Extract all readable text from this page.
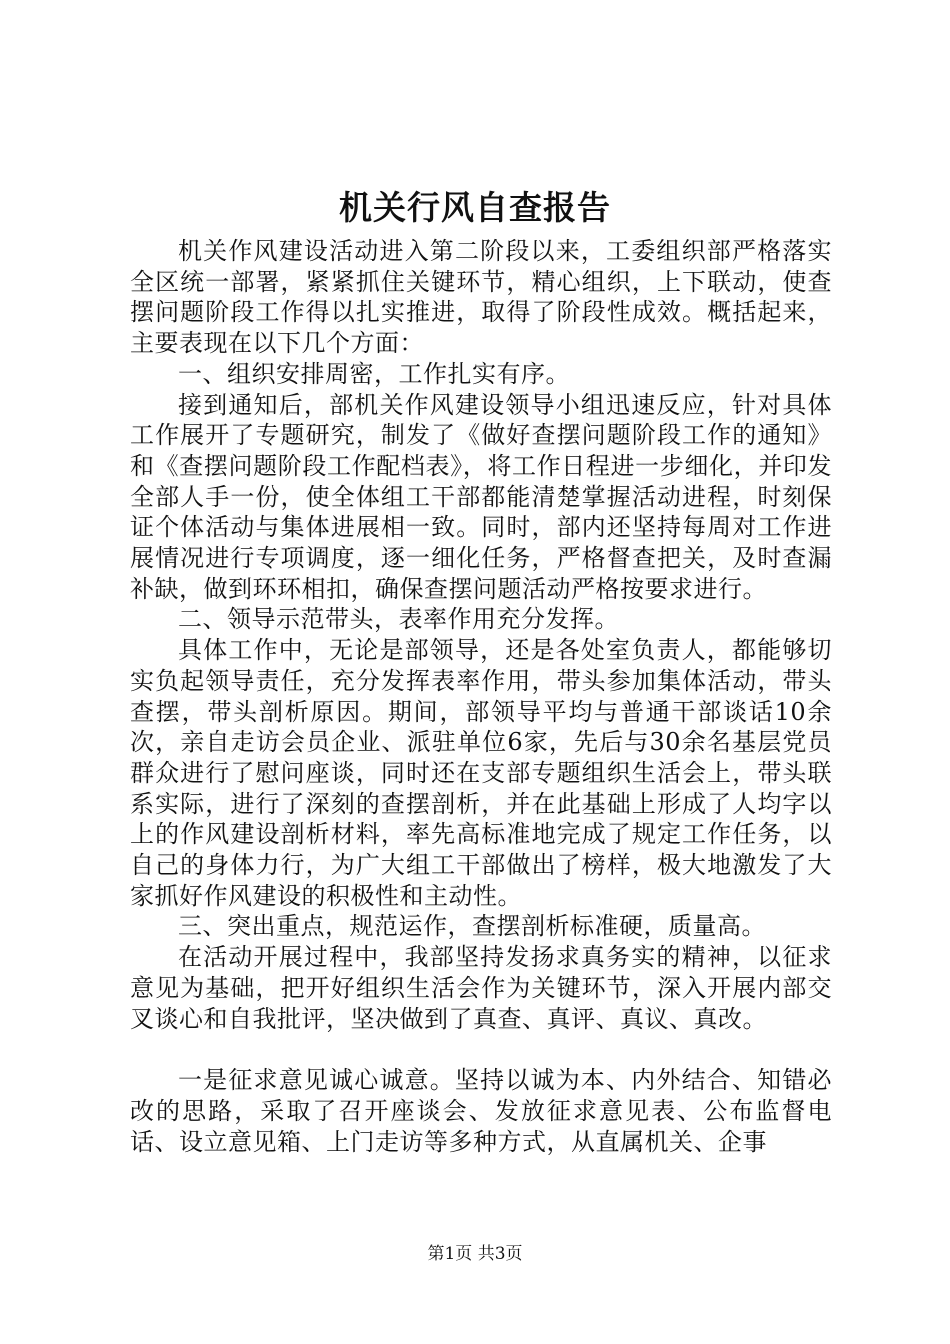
机关行风自查报告

机关作风建设活动进入第二阶段以来，工委组织部严格落实全区统一部署，紧紧抓住关键环节，精心组织，上下联动，使查摆问题阶段工作得以扎实推进，取得了阶段性成效。概括起来，主要表现在以下几个方面：

一、组织安排周密，工作扎实有序。

接到通知后，部机关作风建设领导小组迅速反应，针对具体工作展开了专题研究，制发了《做好查摆问题阶段工作的通知》和《查摆问题阶段工作配档表》，将工作日程进一步细化，并印发全部人手一份，使全体组工干部都能清楚掌握活动进程，时刻保证个体活动与集体进展相一致。同时，部内还坚持每周对工作进展情况进行专项调度，逐一细化任务，严格督查把关，及时查漏补缺，做到环环相扣，确保查摆问题活动严格按要求进行。

二、领导示范带头，表率作用充分发挥。

具体工作中，无论是部领导，还是各处室负责人，都能够切实负起领导责任，充分发挥表率作用，带头参加集体活动，带头查摆，带头剖析原因。期间，部领导平均与普通干部谈话10余次，亲自走访会员企业、派驻单位6家，先后与30余名基层党员群众进行了慰问座谈，同时还在支部专题组织生活会上，带头联系实际，进行了深刻的查摆剖析，并在此基础上形成了人均字以上的作风建设剖析材料，率先高标准地完成了规定工作任务，以自己的身体力行，为广大组工干部做出了榜样，极大地激发了大家抓好作风建设的积极性和主动性。

三、突出重点，规范运作，查摆剖析标准硬，质量高。

在活动开展过程中，我部坚持发扬求真务实的精神，以征求意见为基础，把开好组织生活会作为关键环节，深入开展内部交叉谈心和自我批评，坚决做到了真查、真评、真议、真改。

一是征求意见诚心诚意。坚持以诚为本、内外结合、知错必改的思路，采取了召开座谈会、发放征求意见表、公布监督电话、设立意见箱、上门走访等多种方式，从直属机关、企事

第1页 共3页
